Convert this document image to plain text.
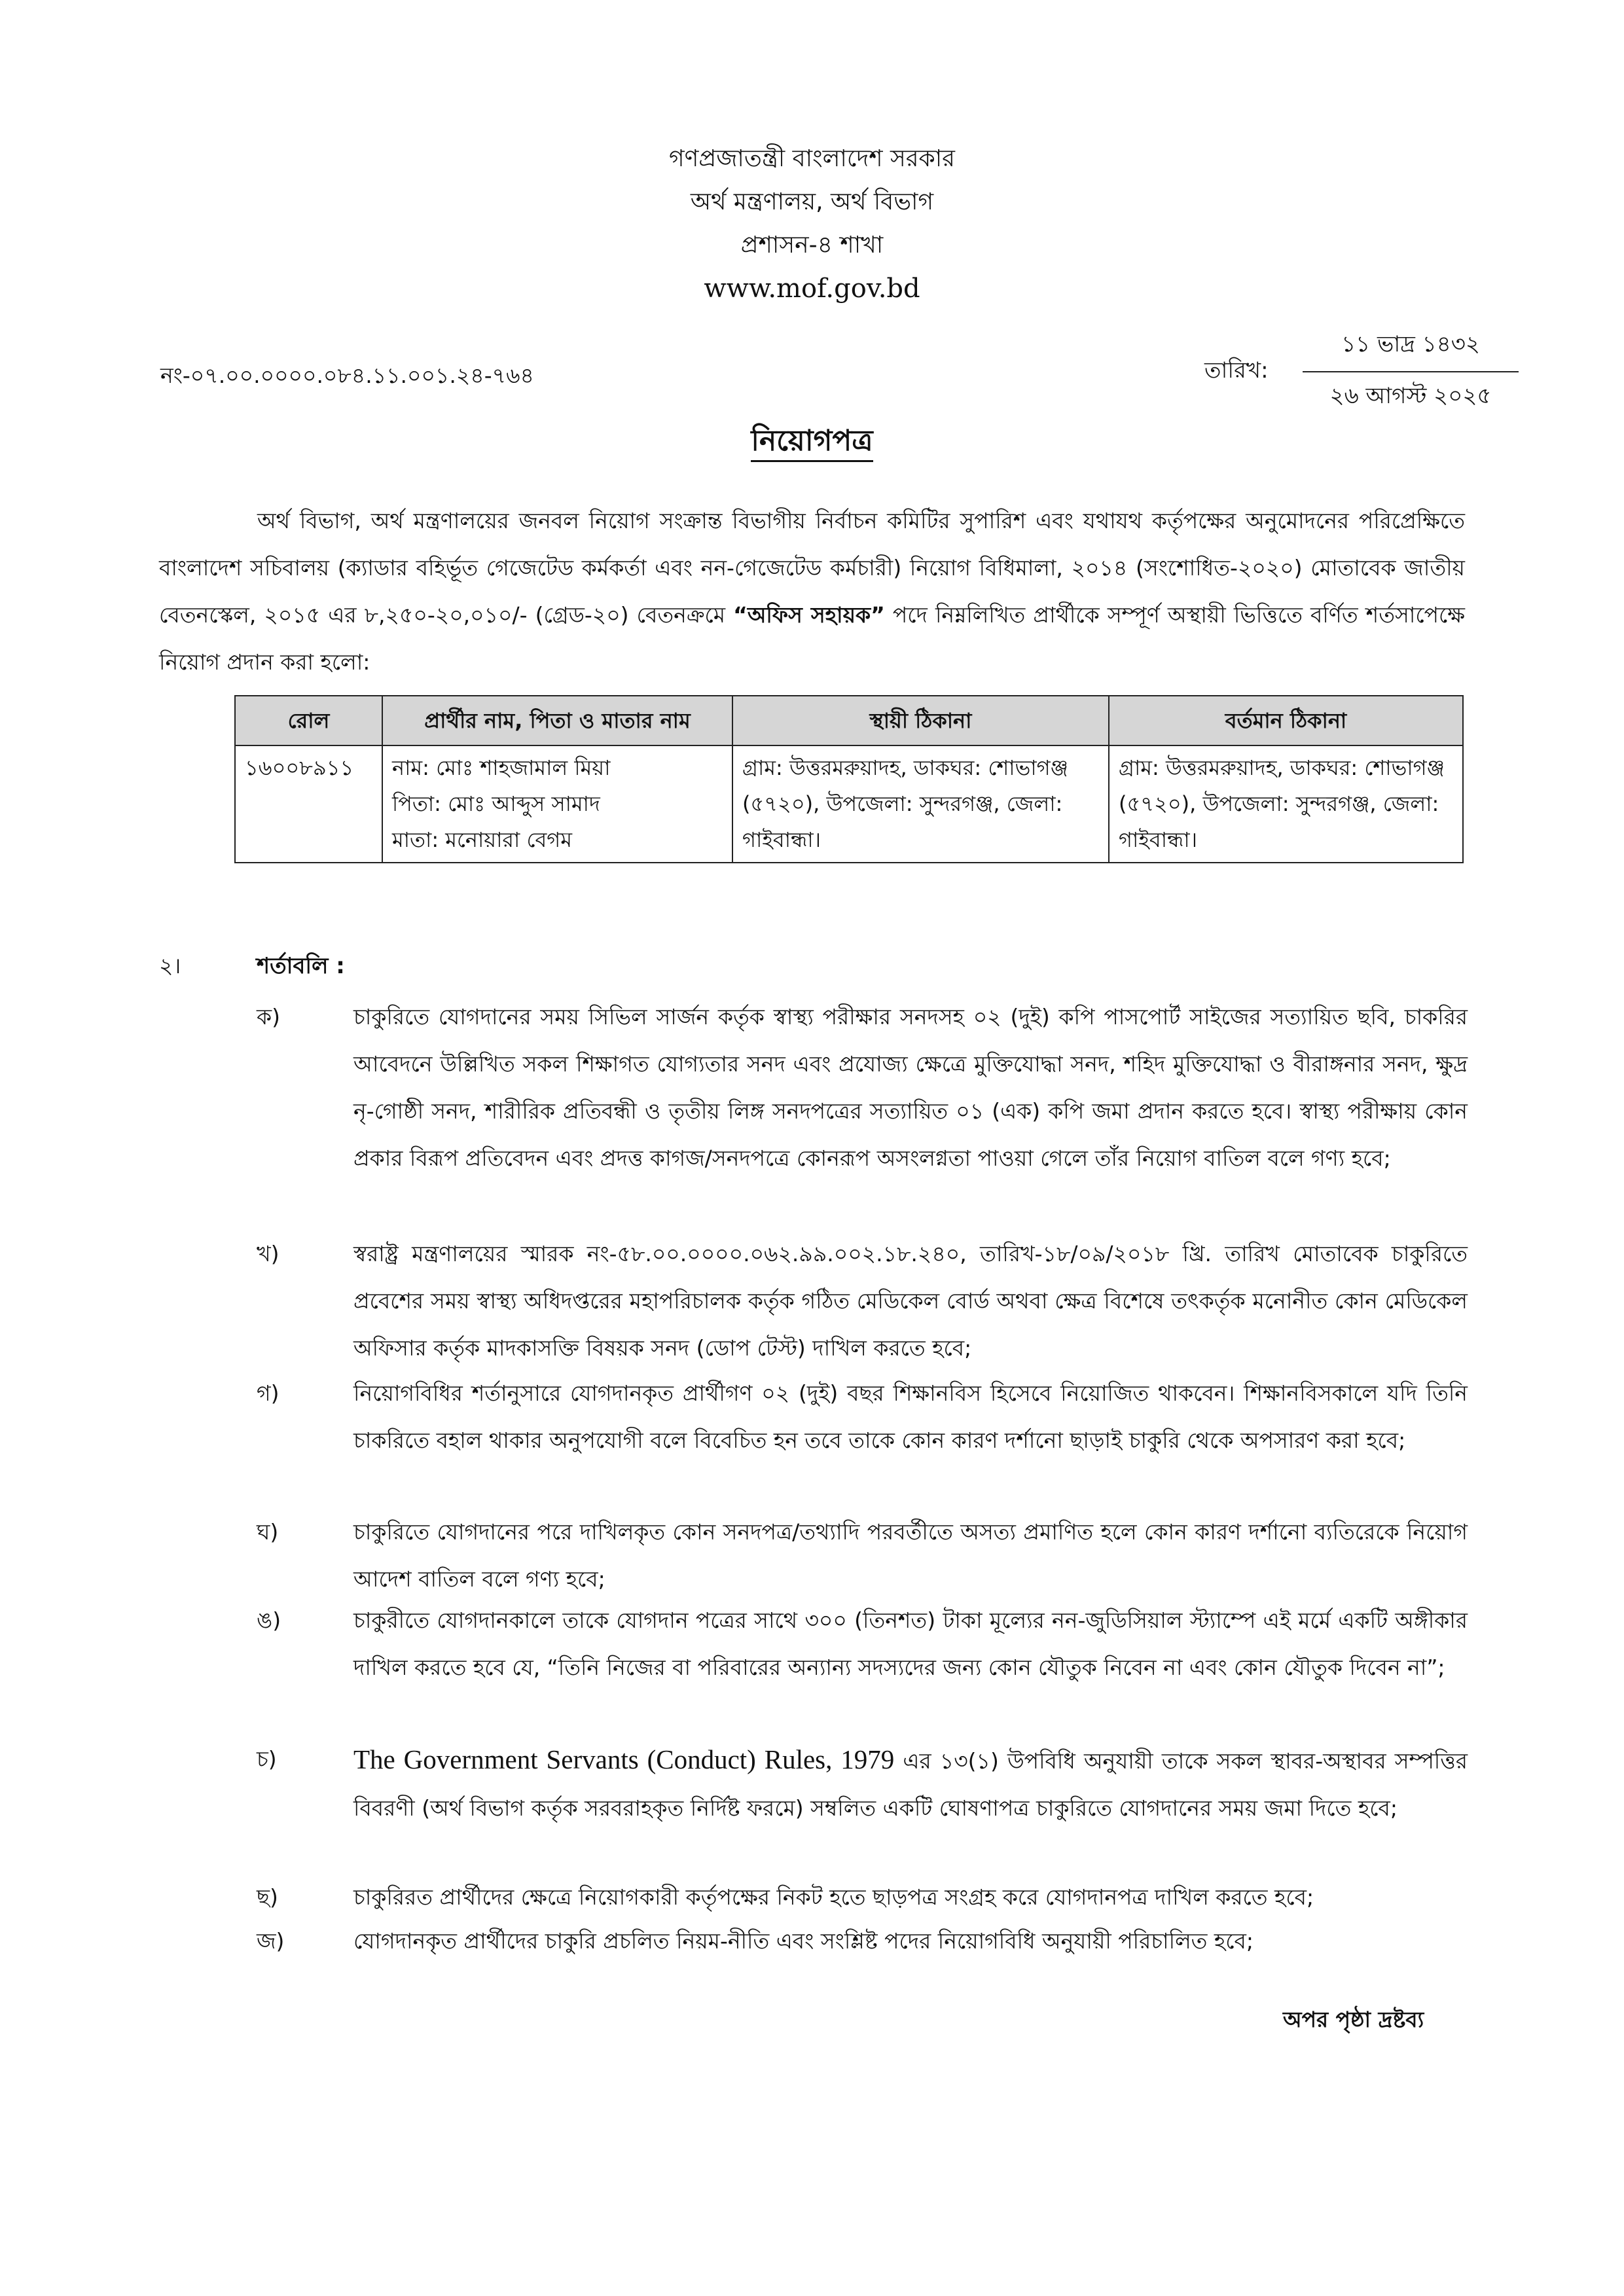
গণপ্রজাতন্ত্রী বাংলাদেশ সরকার
অর্থ মন্ত্রণালয়, অর্থ বিভাগ
প্রশাসন-৪ শাখা
www.mof.gov.bd
নং-০৭.০০.০০০০.০৮৪.১১.০০১.২৪-৭৬৪	তারিখ:
১১ ভাদ্র ১৪৩২
২৬ আগস্ট ২০২৫
নিয়োগপত্র

অর্থ বিভাগ, অর্থ মন্ত্রণালয়ের জনবল নিয়োগ সংক্রান্ত বিভাগীয় নির্বাচন কমিটির সুপারিশ এবং যথাযথ কর্তৃপক্ষের অনুমোদনের পরিপ্রেক্ষিতে বাংলাদেশ সচিবালয় (ক্যাডার বহির্ভূত গেজেটেড কর্মকর্তা এবং নন-গেজেটেড কর্মচারী) নিয়োগ বিধিমালা, ২০১৪ (সংশোধিত-২০২০) মোতাবেক জাতীয় বেতনস্কেল, ২০১৫ এর ৮,২৫০-২০,০১০/- (গ্রেড-২০) বেতনক্রমে “অফিস সহায়ক” পদে নিম্নলিখিত প্রার্থীকে সম্পূর্ণ অস্থায়ী ভিত্তিতে বর্ণিত শর্তসাপেক্ষে নিয়োগ প্রদান করা হলো:

রোল	প্রার্থীর নাম, পিতা ও মাতার নাম	স্থায়ী ঠিকানা	বর্তমান ঠিকানা
১৬০০৮৯১১	নাম: মোঃ শাহজামাল মিয়া
পিতা: মোঃ আব্দুস সামাদ
মাতা: মনোয়ারা বেগম	গ্রাম: উত্তরমরুয়াদহ, ডাকঘর: শোভাগঞ্জ (৫৭২০), উপজেলা: সুন্দরগঞ্জ, জেলা: গাইবান্ধা।	গ্রাম: উত্তরমরুয়াদহ, ডাকঘর: শোভাগঞ্জ (৫৭২০), উপজেলা: সুন্দরগঞ্জ, জেলা: গাইবান্ধা।
২।	শর্তাবলি :
ক)	চাকুরিতে যোগদানের সময় সিভিল সার্জন কর্তৃক স্বাস্থ্য পরীক্ষার সনদসহ ০২ (দুই) কপি পাসপোর্ট সাইজের সত্যায়িত ছবি, চাকরির আবেদনে উল্লিখিত সকল শিক্ষাগত যোগ্যতার সনদ এবং প্রযোজ্য ক্ষেত্রে মুক্তিযোদ্ধা সনদ, শহিদ মুক্তিযোদ্ধা ও বীরাঙ্গনার সনদ, ক্ষুদ্র নৃ-গোষ্ঠী সনদ, শারীরিক প্রতিবন্ধী ও তৃতীয় লিঙ্গ সনদপত্রের সত্যায়িত ০১ (এক) কপি জমা প্রদান করতে হবে। স্বাস্থ্য পরীক্ষায় কোন প্রকার বিরূপ প্রতিবেদন এবং প্রদত্ত কাগজ/সনদপত্রে কোনরূপ অসংলগ্নতা পাওয়া গেলে তাঁর নিয়োগ বাতিল বলে গণ্য হবে;
খ)	স্বরাষ্ট্র মন্ত্রণালয়ের স্মারক নং-৫৮.০০.০০০০.০৬২.৯৯.০০২.১৮.২৪০, তারিখ-১৮/০৯/২০১৮ খ্রি. তারিখ মোতাবেক চাকুরিতে প্রবেশের সময় স্বাস্থ্য অধিদপ্তরের মহাপরিচালক কর্তৃক গঠিত মেডিকেল বোর্ড অথবা ক্ষেত্র বিশেষে তৎকর্তৃক মনোনীত কোন মেডিকেল অফিসার কর্তৃক মাদকাসক্তি বিষয়ক সনদ (ডোপ টেস্ট) দাখিল করতে হবে;
গ)	নিয়োগবিধির শর্তানুসারে যোগদানকৃত প্রার্থীগণ ০২ (দুই) বছর শিক্ষানবিস হিসেবে নিয়োজিত থাকবেন। শিক্ষানবিসকালে যদি তিনি চাকরিতে বহাল থাকার অনুপযোগী বলে বিবেচিত হন তবে তাকে কোন কারণ দর্শানো ছাড়াই চাকুরি থেকে অপসারণ করা হবে;
ঘ)	চাকুরিতে যোগদানের পরে দাখিলকৃত কোন সনদপত্র/তথ্যাদি পরবর্তীতে অসত্য প্রমাণিত হলে কোন কারণ দর্শানো ব্যতিরেকে নিয়োগ আদেশ বাতিল বলে গণ্য হবে;
ঙ)	চাকুরীতে যোগদানকালে তাকে যোগদান পত্রের সাথে ৩০০ (তিনশত) টাকা মূল্যের নন-জুডিসিয়াল স্ট্যাম্পে এই মর্মে একটি অঙ্গীকার দাখিল করতে হবে যে, “তিনি নিজের বা পরিবারের অন্যান্য সদস্যদের জন্য কোন যৌতুক নিবেন না এবং কোন যৌতুক দিবেন না”;
চ)	The Government Servants (Conduct) Rules, 1979 এর ১৩(১) উপবিধি অনুযায়ী তাকে সকল স্থাবর-অস্থাবর সম্পত্তির বিবরণী (অর্থ বিভাগ কর্তৃক সরবরাহকৃত নির্দিষ্ট ফরমে) সম্বলিত একটি ঘোষণাপত্র চাকুরিতে যোগদানের সময় জমা দিতে হবে;
ছ)	চাকুরিরত প্রার্থীদের ক্ষেত্রে নিয়োগকারী কর্তৃপক্ষের নিকট হতে ছাড়পত্র সংগ্রহ করে যোগদানপত্র দাখিল করতে হবে;
জ)	যোগদানকৃত প্রার্থীদের চাকুরি প্রচলিত নিয়ম-নীতি এবং সংশ্লিষ্ট পদের নিয়োগবিধি অনুযায়ী পরিচালিত হবে;
অপর পৃষ্ঠা দ্রষ্টব্য
